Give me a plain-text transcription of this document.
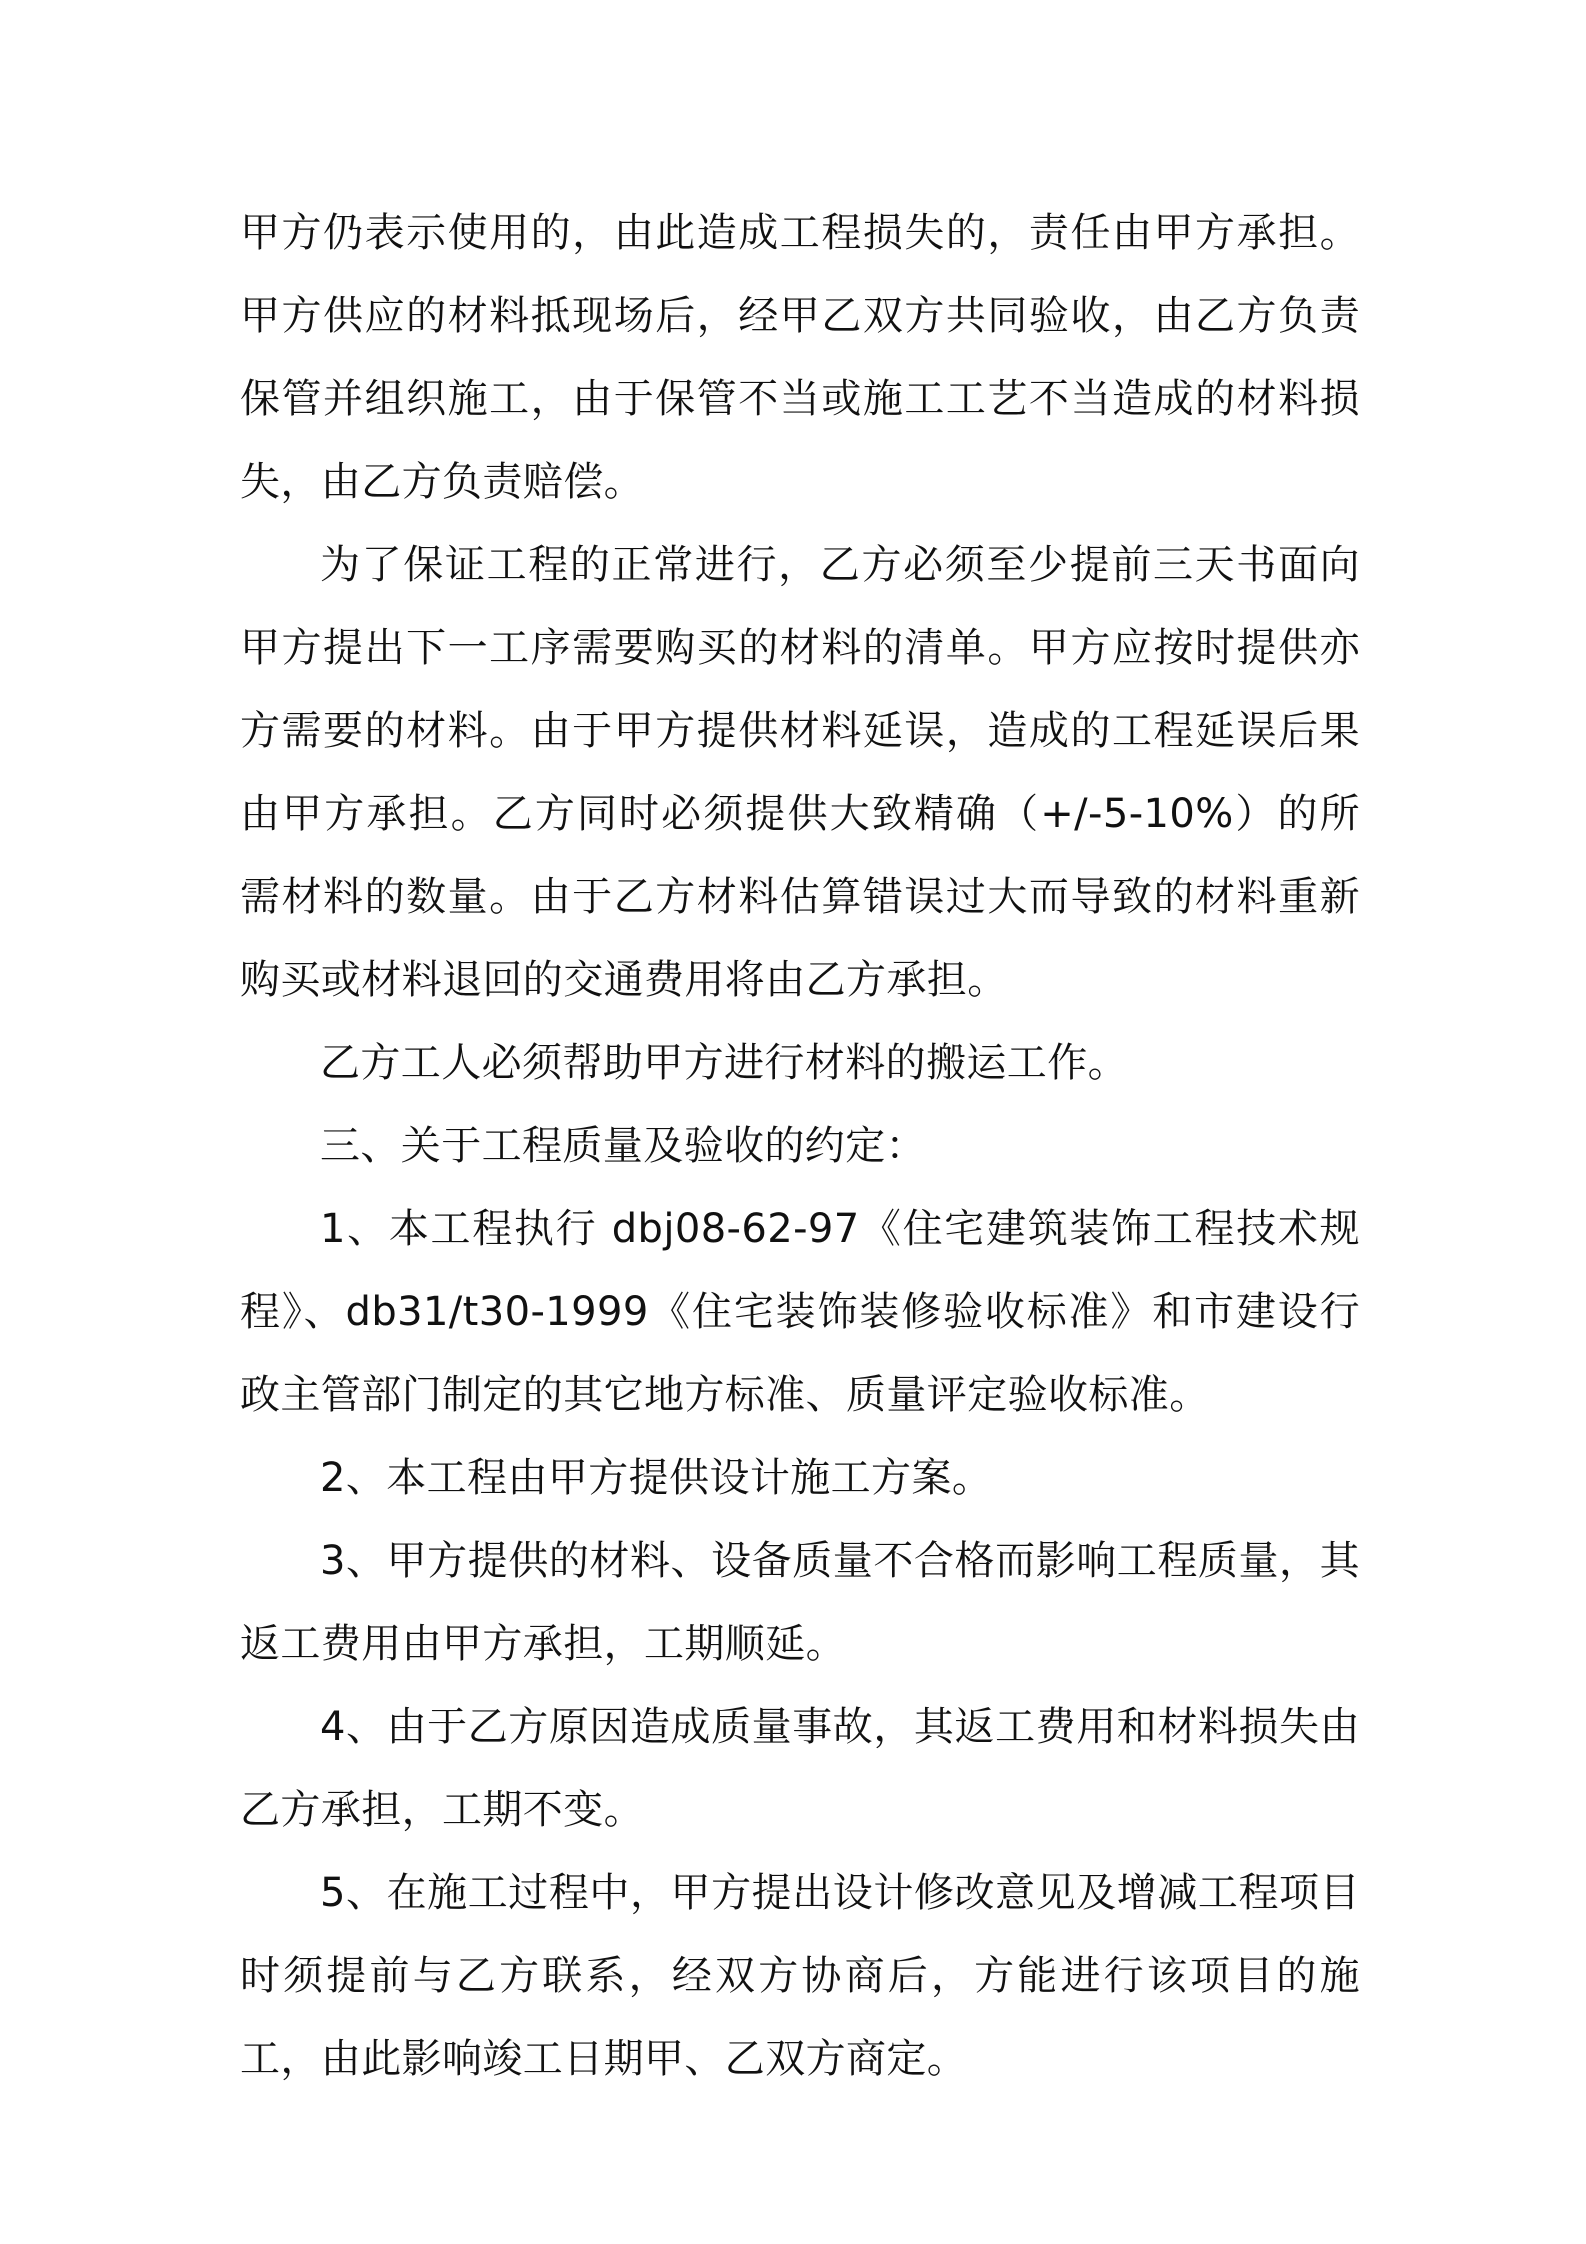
甲方仍表示使用的，由此造成工程损失的，责任由甲方承担。甲方供应的材料抵现场后，经甲乙双方共同验收，由乙方负责保管并组织施工，由于保管不当或施工工艺不当造成的材料损失，由乙方负责赔偿。

为了保证工程的正常进行，乙方必须至少提前三天书面向甲方提出下一工序需要购买的材料的清单。甲方应按时提供亦方需要的材料。由于甲方提供材料延误，造成的工程延误后果由甲方承担。乙方同时必须提供大致精确（+/-5-10%）的所需材料的数量。由于乙方材料估算错误过大而导致的材料重新购买或材料退回的交通费用将由乙方承担。

乙方工人必须帮助甲方进行材料的搬运工作。

三、关于工程质量及验收的约定：

1、本工程执行 dbj08-62-97《住宅建筑装饰工程技术规程》、db31/t30-1999《住宅装饰装修验收标准》和市建设行政主管部门制定的其它地方标准、质量评定验收标准。

2、本工程由甲方提供设计施工方案。

3、甲方提供的材料、设备质量不合格而影响工程质量，其返工费用由甲方承担，工期顺延。

4、由于乙方原因造成质量事故，其返工费用和材料损失由乙方承担，工期不变。

5、在施工过程中，甲方提出设计修改意见及增减工程项目时须提前与乙方联系，经双方协商后，方能进行该项目的施工，由此影响竣工日期甲、乙双方商定。
